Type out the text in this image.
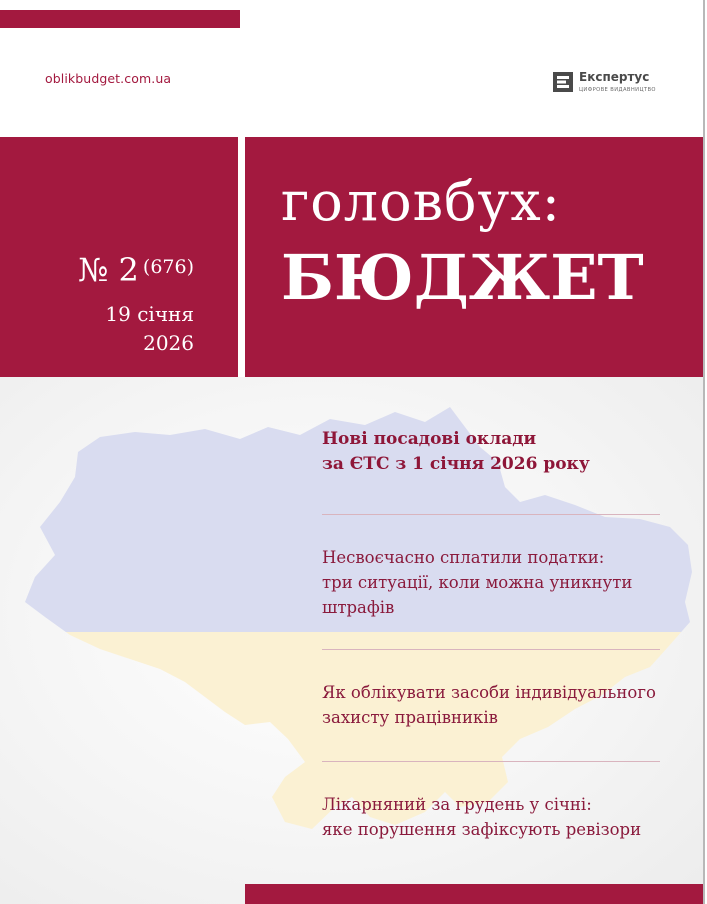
oblikbudget.com.ua	Експертус
ЦИФРОВЕ ВИДАВНИЦТВО
№ 2 $^{(676)}$
19 січня
2026
головбух:
БЮДЖЕТ
Нові посадові оклади
за ЄТС з 1 січня 2026 року
Несвоєчасно сплатили податки:
три ситуації, коли можна уникнути
штрафів
Як облікувати засоби індивідуального
захисту працівників
Лікарняний за грудень у січні:
яке порушення зафіксують ревізори
